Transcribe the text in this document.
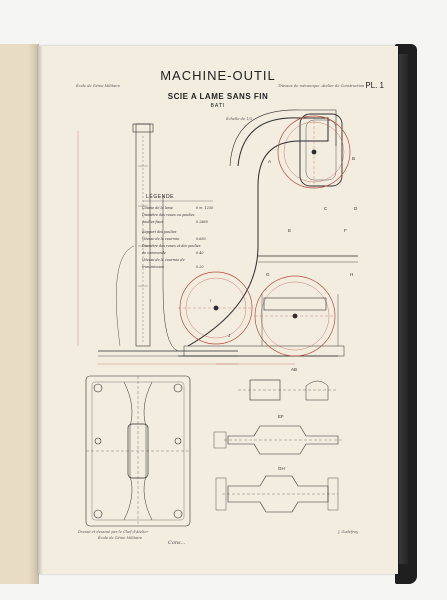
MACHINE-OUTIL
PL. 1
École de Génie Militaire	Travaux de mécanique. Atelier de Construction
SCIE A LAME SANS FIN
BATI
Échelle de 1/5
LÉGENDE
Course de la lame	0 m. 1250
Diamètre des roues ou poulies
poulies fixes	0.2860
Rapport des poulies
Vitesse de la courroie	0.650
Diamètre des roues et des poulies
de commande	0.40
Vitesse de la courroie de
transmission	0.20
A
B
C	D
E	F
G	H
I
J
AB
EF
GH
Dressé et dessiné par le Chef d'Atelier
École de Génie Militaire
J. Godefroy
Cons...
